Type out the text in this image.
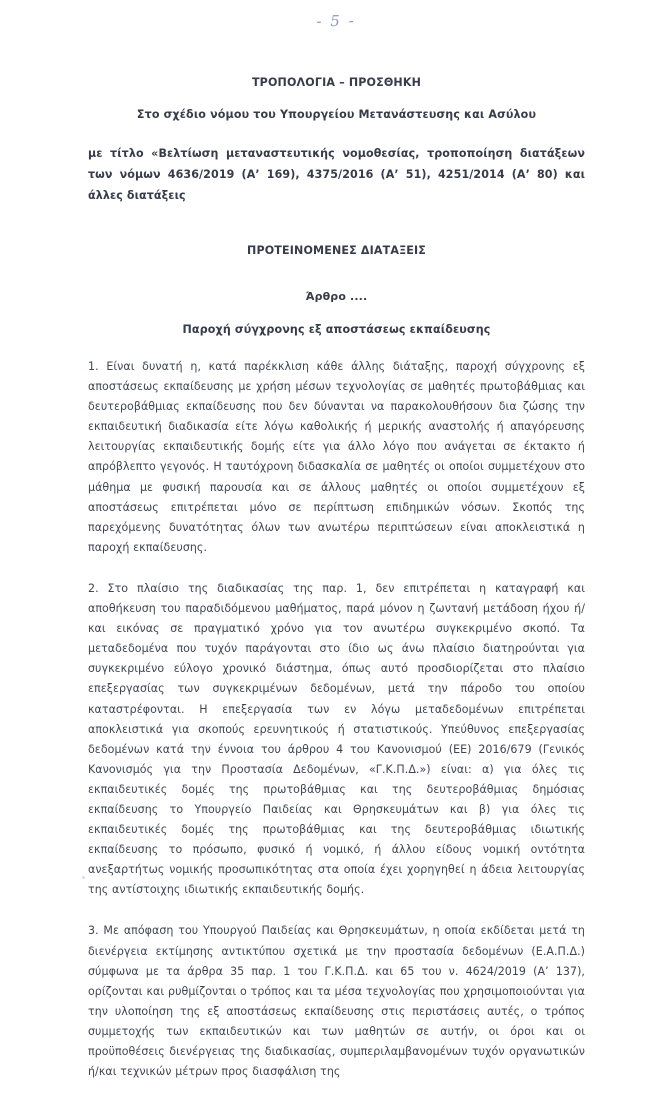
- 5 -
ΤΡΟΠΟΛΟΓΙΑ – ΠΡΟΣΘΗΚΗ
Στο σχέδιο νόμου του Υπουργείου Μετανάστευσης και Ασύλου
με τίτλο «Βελτίωση μεταναστευτικής νομοθεσίας, τροποποίηση διατάξεων των νόμων 4636/2019 (Α’ 169), 4375/2016 (Α’ 51), 4251/2014 (Α’ 80) και άλλες διατάξεις
ΠΡΟΤΕΙΝΟΜΕΝΕΣ ΔΙΑΤΑΞΕΙΣ
Άρθρο ....
Παροχή σύγχρονης εξ αποστάσεως εκπαίδευσης

1. Είναι δυνατή η, κατά παρέκκλιση κάθε άλλης διάταξης, παροχή σύγχρονης εξ αποστάσεως εκπαίδευσης με χρήση μέσων τεχνολογίας σε μαθητές πρωτοβάθμιας και δευτεροβάθμιας εκπαίδευσης που δεν δύνανται να παρακολουθήσουν δια ζώσης την εκπαιδευτική διαδικασία είτε λόγω καθολικής ή μερικής αναστολής ή απαγόρευσης λειτουργίας εκπαιδευτικής δομής είτε για άλλο λόγο που ανάγεται σε έκτακτο ή απρόβλεπτο γεγονός. Η ταυτόχρονη διδασκαλία σε μαθητές οι οποίοι συμμετέχουν στο μάθημα με φυσική παρουσία και σε άλλους μαθητές οι οποίοι συμμετέχουν εξ αποστάσεως επιτρέπεται μόνο σε περίπτωση επιδημικών νόσων. Σκοπός της παρεχόμενης δυνατότητας όλων των ανωτέρω περιπτώσεων είναι αποκλειστικά η παροχή εκπαίδευσης.

2. Στο πλαίσιο της διαδικασίας της παρ. 1, δεν επιτρέπεται η καταγραφή και αποθήκευση του παραδιδόμενου μαθήματος, παρά μόνον η ζωντανή μετάδοση ήχου ή/και εικόνας σε πραγματικό χρόνο για τον ανωτέρω συγκεκριμένο σκοπό. Τα μεταδεδομένα που τυχόν παράγονται στο ίδιο ως άνω πλαίσιο διατηρούνται για συγκεκριμένο εύλογο χρονικό διάστημα, όπως αυτό προσδιορίζεται στο πλαίσιο επεξεργασίας των συγκεκριμένων δεδομένων, μετά την πάροδο του οποίου καταστρέφονται. Η επεξεργασία των εν λόγω μεταδεδομένων επιτρέπεται αποκλειστικά για σκοπούς ερευνητικούς ή στατιστικούς. Υπεύθυνος επεξεργασίας δεδομένων κατά την έννοια του άρθρου 4 του Κανονισμού (ΕΕ) 2016/679 (Γενικός Κανονισμός για την Προστασία Δεδομένων, «Γ.Κ.Π.Δ.») είναι: α) για όλες τις εκπαιδευτικές δομές της πρωτοβάθμιας και της δευτεροβάθμιας δημόσιας εκπαίδευσης το Υπουργείο Παιδείας και Θρησκευμάτων και β) για όλες τις εκπαιδευτικές δομές της πρωτοβάθμιας και της δευτεροβάθμιας ιδιωτικής εκπαίδευσης το πρόσωπο, φυσικό ή νομικό, ή άλλου είδους νομική οντότητα ανεξαρτήτως νομικής προσωπικότητας στα οποία έχει χορηγηθεί η άδεια λειτουργίας της αντίστοιχης ιδιωτικής εκπαιδευτικής δομής.

3. Με απόφαση του Υπουργού Παιδείας και Θρησκευμάτων, η οποία εκδίδεται μετά τη διενέργεια εκτίμησης αντικτύπου σχετικά με την προστασία δεδομένων (Ε.Α.Π.Δ.) σύμφωνα με τα άρθρα 35 παρ. 1 του Γ.Κ.Π.Δ. και 65 του ν. 4624/2019 (Α’ 137), ορίζονται και ρυθμίζονται ο τρόπος και τα μέσα τεχνολογίας που χρησιμοποιούνται για την υλοποίηση της εξ αποστάσεως εκπαίδευσης στις περιστάσεις αυτές, ο τρόπος συμμετοχής των εκπαιδευτικών και των μαθητών σε αυτήν, οι όροι και οι προϋποθέσεις διενέργειας της διαδικασίας, συμπεριλαμβανομένων τυχόν οργανωτικών ή/και τεχνικών μέτρων προς διασφάλιση της
